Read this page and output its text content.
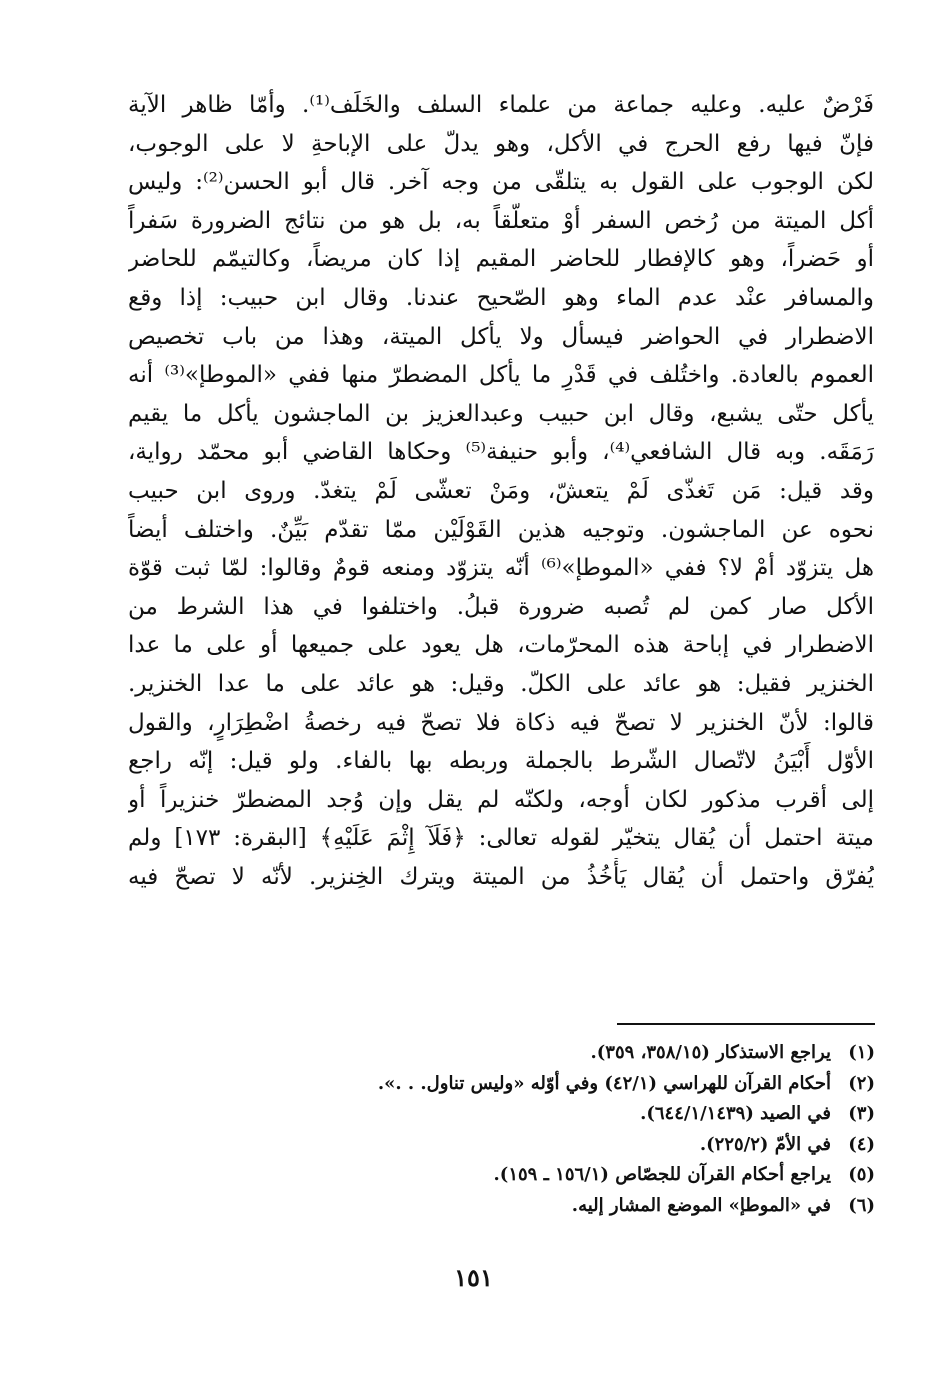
فَرْضٌ عليه. وعليه جماعة من علماء السلف والخَلَف⁽¹⁾. وأمّا ظاهر الآية
فإنّ فيها رفع الحرج في الأكل، وهو يدلّ على الإباحةِ لا على الوجوب،
لكن الوجوب على القول به يتلقّى من وجه آخر. قال أبو الحسن⁽²⁾: وليس
أكل الميتة من رُخص السفر أوْ متعلّقاً به، بل هو من نتائج الضرورة سَفراً
أو حَضراً، وهو كالإفطار للحاضر المقيم إذا كان مريضاً، وكالتيمّم للحاضر
والمسافر عنْد عدم الماء وهو الصّحيح عندنا. وقال ابن حبيب: إذا وقع
الاضطرار في الحواضر فيسأل ولا يأكل الميتة، وهذا من باب تخصيص
العموم بالعادة. واختُلف في قَدْرِ ما يأكل المضطرّ منها ففي «الموطإ»⁽³⁾ أنه
يأكل حتّى يشبع، وقال ابن حبيب وعبدالعزيز بن الماجشون يأكل ما يقيم
رَمَقَه. وبه قال الشافعي⁽⁴⁾، وأبو حنيفة⁽⁵⁾ وحكاها القاضي أبو محمّد رواية،
وقد قيل: مَن تَغذّى لَمْ يتعشّ، ومَنْ تعشّى لَمْ يتغدّ. وروى ابن حبيب
نحوه عن الماجشون. وتوجيه هذين القَوْلَيْن ممّا تقدّم بَيِّنٌ. واختلف أيضاً
هل يتزوّد أمْ لا؟ ففي «الموطإ»⁽⁶⁾ أنّه يتزوّد ومنعه قومٌ وقالوا: لمّا ثبت قوّة
الأكل صار كمن لم تُصبه ضرورة قبلُ. واختلفوا في هذا الشرط من
الاضطرار في إباحة هذه المحرّمات، هل يعود على جميعها أو على ما عدا
الخنزير فقيل: هو عائد على الكلّ. وقيل: هو عائد على ما عدا الخنزير.
قالوا: لأنّ الخنزير لا تصحّ فيه ذكاة فلا تصحّ فيه رخصةُ اضْطِرَارٍ، والقول
الأوّل أَبْيَنُ لاتّصال الشّرط بالجملة وربطه بها بالفاء. ولو قيل: إنّه راجع
إلى أقرب مذكور لكان أوجه، ولكنّه لم يقل وإن وُجد المضطرّ خنزيراً أو
ميتة احتمل أن يُقال يتخيّر لقوله تعالى: ﴿فَلَآ إِثْمَ عَلَيْهِ﴾ [البقرة: ١٧٣] ولم
يُفرّق واحتمل أن يُقال يَأْخُذُ من الميتة ويترك الخِنزير. لأنّه لا تصحّ فيه
(١)
يراجع الاستذكار (٣٥٨/١٥، ٣٥٩).
(٢)
أحكام القرآن للهراسي (٤٢/١) وفي أوّله «وليس تناول. . .».
(٣)
في الصيد (٦٤٤/١/١٤٣٩).
(٤)
في الأمّ (٢٢٥/٢).
(٥)
يراجع أحكام القرآن للجصّاص (١٥٦/١ ـ ١٥٩).
(٦)
في «الموطإ» الموضع المشار إليه.
١٥١
